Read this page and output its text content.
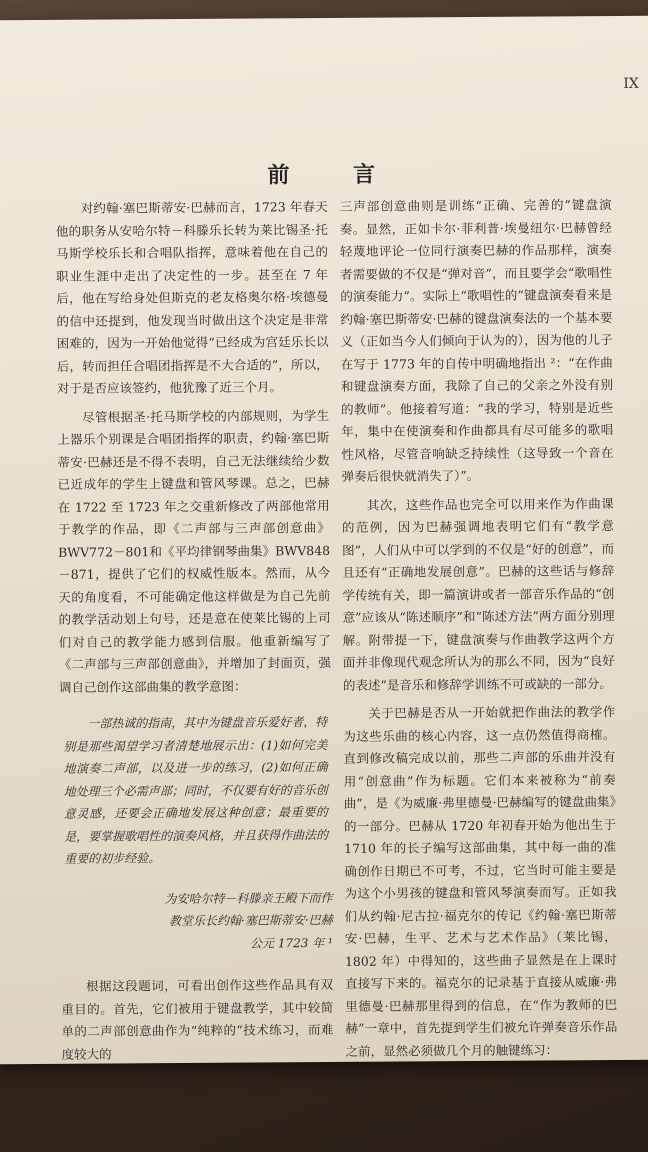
IX
前 言

对约翰·塞巴斯蒂安·巴赫而言，1723 年春天他的职务从安哈尔特－科滕乐长转为莱比锡圣·托马斯学校乐长和合唱队指挥，意味着他在自己的职业生涯中走出了决定性的一步。甚至在 7 年后，他在写给身处但斯克的老友格奥尔格·埃德曼的信中还提到，他发现当时做出这个决定是非常困难的，因为一开始他觉得“已经成为宫廷乐长以后，转而担任合唱团指挥是不大合适的”，所以，对于是否应该签约，他犹豫了近三个月。

尽管根据圣·托马斯学校的内部规则，为学生上器乐个别课是合唱团指挥的职责，约翰·塞巴斯蒂安·巴赫还是不得不表明，自己无法继续给少数已近成年的学生上键盘和管风琴课。总之，巴赫在 1722 至 1723 年之交重新修改了两部他常用于教学的作品，即《二声部与三声部创意曲》BWV772－801和《平均律钢琴曲集》BWV848－871，提供了它们的权威性版本。然而，从今天的角度看，不可能确定他这样做是为自己先前的教学活动划上句号，还是意在使莱比锡的上司们对自己的教学能力感到信服。他重新编写了《二声部与三声部创意曲》，并增加了封面页，强调自己创作这部曲集的教学意图：

一部热诚的指南，其中为键盘音乐爱好者，特别是那些渴望学习者清楚地展示出：(1)如何完美地演奏二声部，以及进一步的练习，(2)如何正确地处理三个必需声部；同时，不仅要有好的音乐创意灵感，还要会正确地发展这种创意；最重要的是，要掌握歌唱性的演奏风格，并且获得作曲法的重要的初步经验。

为安哈尔特－科滕亲王殿下而作
教堂乐长约翰·塞巴斯蒂安·巴赫
公元 1723 年 ¹

根据这段题词，可看出创作这些作品具有双重目的。首先，它们被用于键盘教学，其中较简单的二声部创意曲作为“纯粹的”技术练习，而难度较大的

三声部创意曲则是训练“正确、完善的”键盘演奏。显然，正如卡尔·菲利普·埃曼纽尔·巴赫曾经轻蔑地评论一位同行演奏巴赫的作品那样，演奏者需要做的不仅是“弹对音”，而且要学会“歌唱性的演奏能力”。实际上“歌唱性的”键盘演奏看来是约翰·塞巴斯蒂安·巴赫的键盘演奏法的一个基本要义（正如当今人们倾向于认为的），因为他的儿子在写于 1773 年的自传中明确地指出 ²：“在作曲和键盘演奏方面，我除了自己的父亲之外没有别的教师”。他接着写道：“我的学习，特别是近些年，集中在使演奏和作曲都具有尽可能多的歌唱性风格，尽管音响缺乏持续性（这导致一个音在弹奏后很快就消失了）”。

其次，这些作品也完全可以用来作为作曲课的范例，因为巴赫强调地表明它们有“教学意图”，人们从中可以学到的不仅是“好的创意”，而且还有“正确地发展创意”。巴赫的这些话与修辞学传统有关，即一篇演讲或者一部音乐作品的“创意”应该从“陈述顺序”和“陈述方法”两方面分别理解。附带提一下，键盘演奏与作曲教学这两个方面并非像现代观念所认为的那么不同，因为“良好的表述”是音乐和修辞学训练不可或缺的一部分。

关于巴赫是否从一开始就把作曲法的教学作为这些乐曲的核心内容，这一点仍然值得商榷。直到修改稿完成以前，那些二声部的乐曲并没有用“创意曲”作为标题。它们本来被称为“前奏曲”，是《为威廉·弗里德曼·巴赫编写的键盘曲集》的一部分。巴赫从 1720 年初春开始为他出生于 1710 年的长子编写这部曲集，其中每一曲的准确创作日期已不可考，不过，它当时可能主要是为这个小男孩的键盘和管风琴演奏而写。正如我们从约翰·尼古拉·福克尔的传记《约翰·塞巴斯蒂安·巴赫，生平、艺术与艺术作品》（莱比锡，1802 年）中得知的，这些曲子显然是在上课时直接写下来的。福克尔的记录基于直接从威廉·弗里德曼·巴赫那里得到的信息，在“作为教师的巴赫”一章中，首先提到学生们被允许弹奏音乐作品之前，显然必须做几个月的触键练习：
